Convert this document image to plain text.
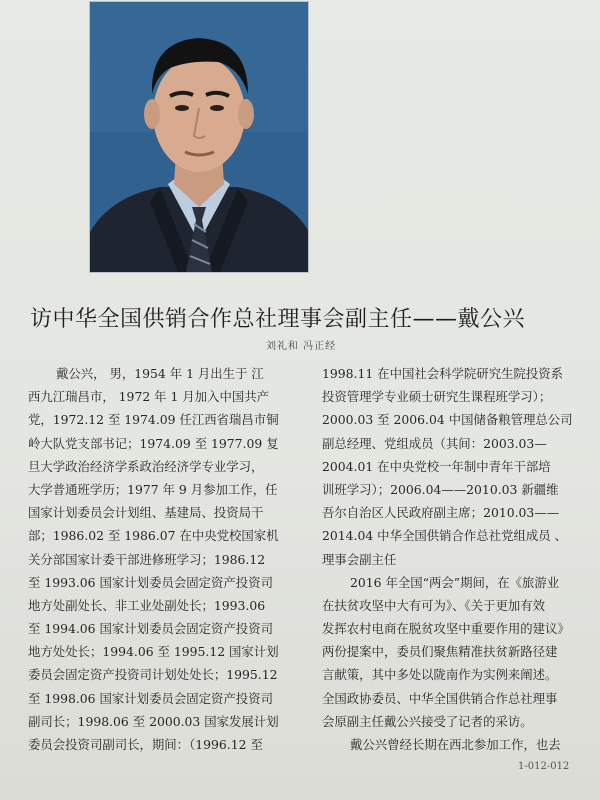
访中华全国供销合作总社理事会副主任——戴公兴
刘礼和 冯正经
戴公兴， 男，1954 年 1 月出生于 江
西九江瑞昌市， 1972 年 1 月加入中国共产
党，1972.12 至 1974.09 任江西省瑞昌市铜
岭大队党支部书记；1974.09 至 1977.09 复
旦大学政治经济学系政治经济学专业学习，
大学普通班学历；1977 年 9 月参加工作，任
国家计划委员会计划组、基建局、投资局干
部；1986.02 至 1986.07 在中央党校国家机
关分部国家计委干部进修班学习；1986.12
至 1993.06 国家计划委员会固定资产投资司
地方处副处长、非工业处副处长；1993.06
至 1994.06 国家计划委员会固定资产投资司
地方处处长；1994.06 至 1995.12 国家计划
委员会固定资产投资司计划处处长；1995.12
至 1998.06 国家计划委员会固定资产投资司
副司长；1998.06 至 2000.03 国家发展计划
委员会投资司副司长，期间：（1996.12 至
1998.11 在中国社会科学院研究生院投资系
投资管理学专业硕士研究生课程班学习）；
2000.03 至 2006.04 中国储备粮管理总公司
副总经理、党组成员（其间：2003.03—
2004.01 在中央党校一年制中青年干部培
训班学习）；2006.04——2010.03 新疆维
吾尔自治区人民政府副主席；2010.03——
2014.04 中华全国供销合作总社党组成员 、
理事会副主任
2016 年全国“两会”期间，在《旅游业
在扶贫攻坚中大有可为》、《关于更加有效
发挥农村电商在脱贫攻坚中重要作用的建议》
两份提案中，委员们聚焦精准扶贫新路径建
言献策，其中多处以陇南作为实例来阐述。
全国政协委员、中华全国供销合作总社理事
会原副主任戴公兴接受了记者的采访。
戴公兴曾经长期在西北参加工作，也去
1-012-012
